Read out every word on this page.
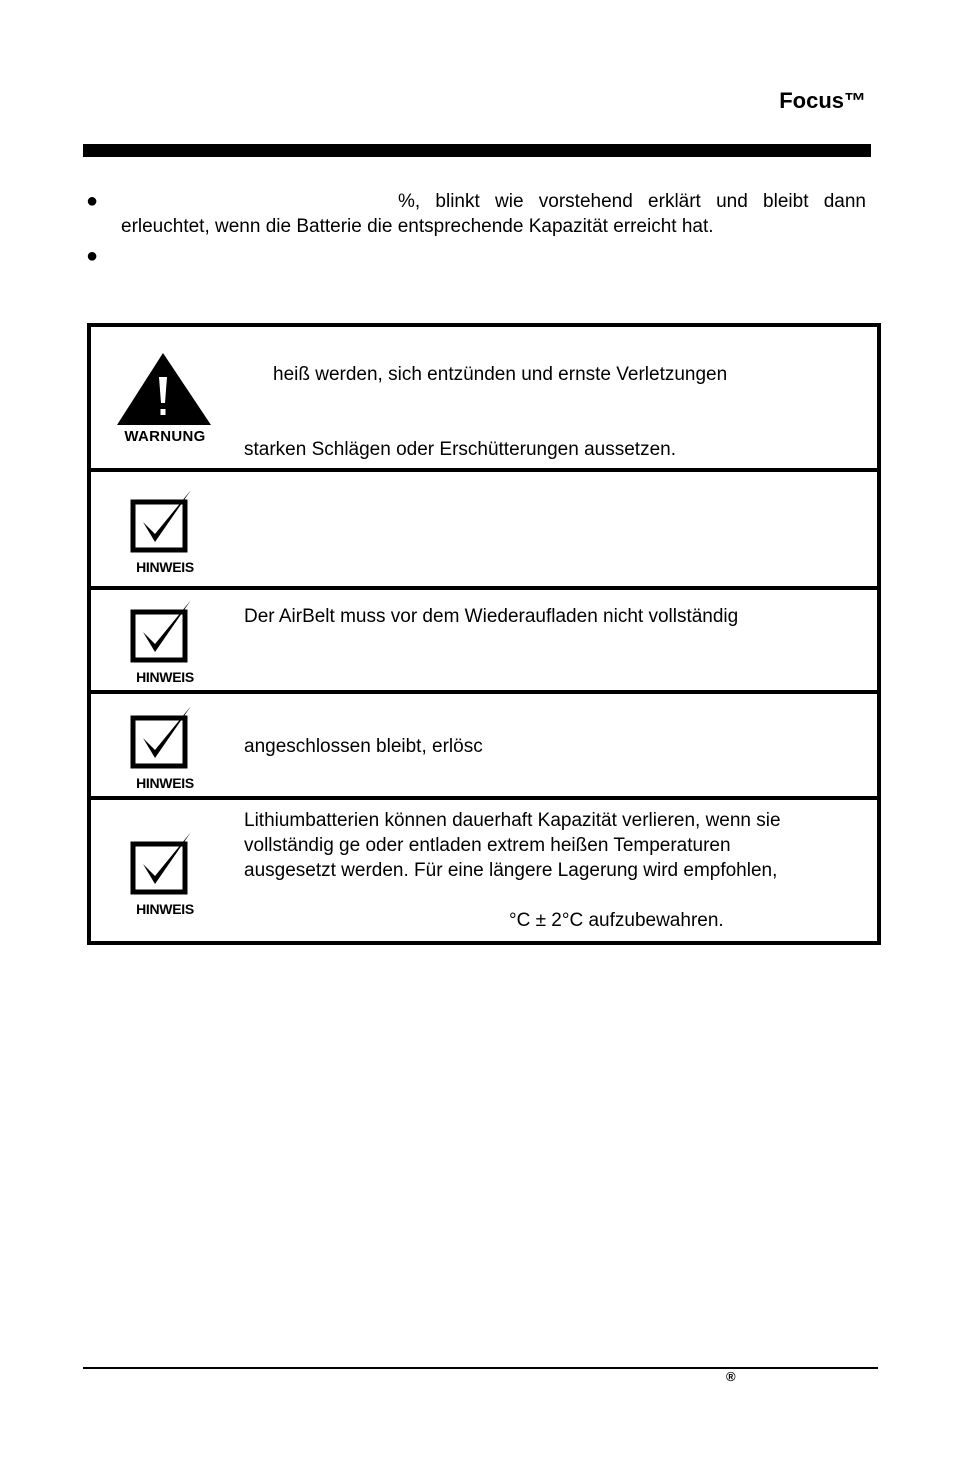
Focus™
●	%, blinkt wie vorstehend erklärt und bleibt dann
erleuchtet, wenn die Batterie die entsprechende Kapazität erreicht hat.
●
WARNUNG
heiß werden, sich entzünden und ernste Verletzungen
starken Schlägen oder Erschütterungen aussetzen.
HINWEIS
HINWEIS
Der AirBelt muss vor dem Wiederaufladen nicht vollständig
HINWEIS
angeschlossen bleibt, erlösc
HINWEIS
Lithiumbatterien können dauerhaft Kapazität verlieren, wenn sie
vollständig ge oder entladen extrem heißen Temperaturen
ausgesetzt werden. Für eine längere Lagerung wird empfohlen,
°C ± 2°C aufzubewahren.
®
